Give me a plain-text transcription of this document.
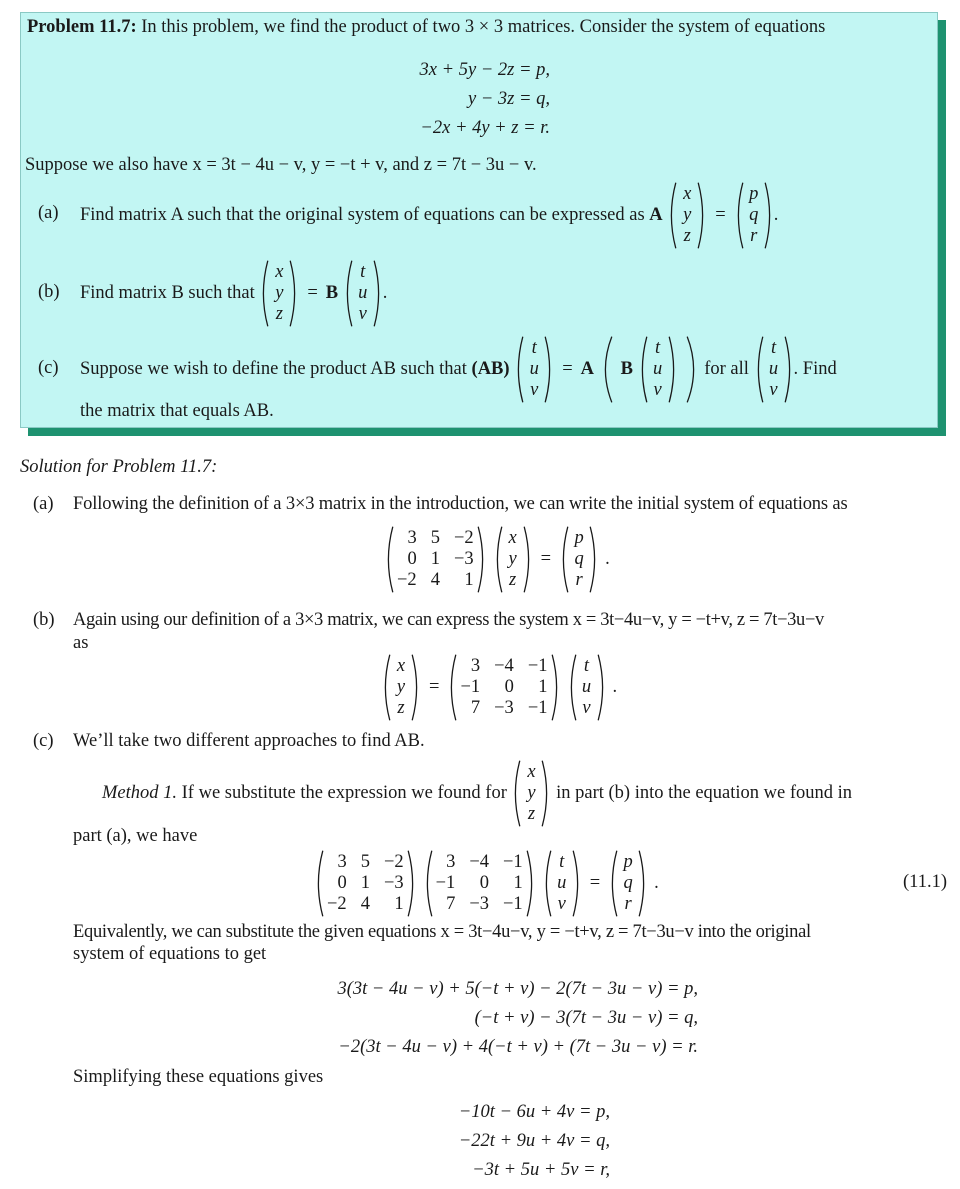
Problem 11.7: In this problem, we find the product of two 3 × 3 matrices. Consider the system of equations
3x + 5y − 2z = p,
y − 3z = q,
−2x + 4y + z = r.
Suppose we also have x = 3t − 4u − v, y = −t + v, and z = 7t − 3u − v.
(a) Find matrix A such that the original system of equations can be expressed as
A

x
y
z
=
p
q
r
.
(b) Find matrix B such that

x
y
z
= B

t
u
v
.
(c) Suppose we wish to define the product AB such that
(AB)

t
u
v
= A
B

t
u
v

for all

t
u
v
. Find
the matrix that equals AB.
Solution for Problem 11.7:
(a) Following the definition of a 3×3 matrix in the introduction, we can write the initial system of equations as
3 5 −2
0 1 −3
−2 4 1
x
y
z
=
p
q
r
.
(b) Again using our definition of a 3×3 matrix, we can express the system x = 3t−4u−v, y = −t+v, z = 7t−3u−v
as
x
y
z
=
3 −4 −1
−1 0 1
7 −3 −1
t
u
v
.
(c) We’ll take two different approaches to find AB.
Method 1.
If we substitute the expression we found for

x
y
z

in part (b) into the equation we found in
part (a), we have
3 5 −2
0 1 −3
−2 4 1
3 −4 −1
−1 0 1
7 −3 −1
t
u
v
=
p
q
r
.	(11.1)
Equivalently, we can substitute the given equations x = 3t−4u−v, y = −t+v, z = 7t−3u−v into the original
system of equations to get
3(3t − 4u − v) + 5(−t + v) − 2(7t − 3u − v) = p,
(−t + v) − 3(7t − 3u − v) = q,
−2(3t − 4u − v) + 4(−t + v) + (7t − 3u − v) = r.
Simplifying these equations gives
−10t − 6u + 4v = p,
−22t + 9u + 4v = q,
−3t + 5u + 5v = r,
